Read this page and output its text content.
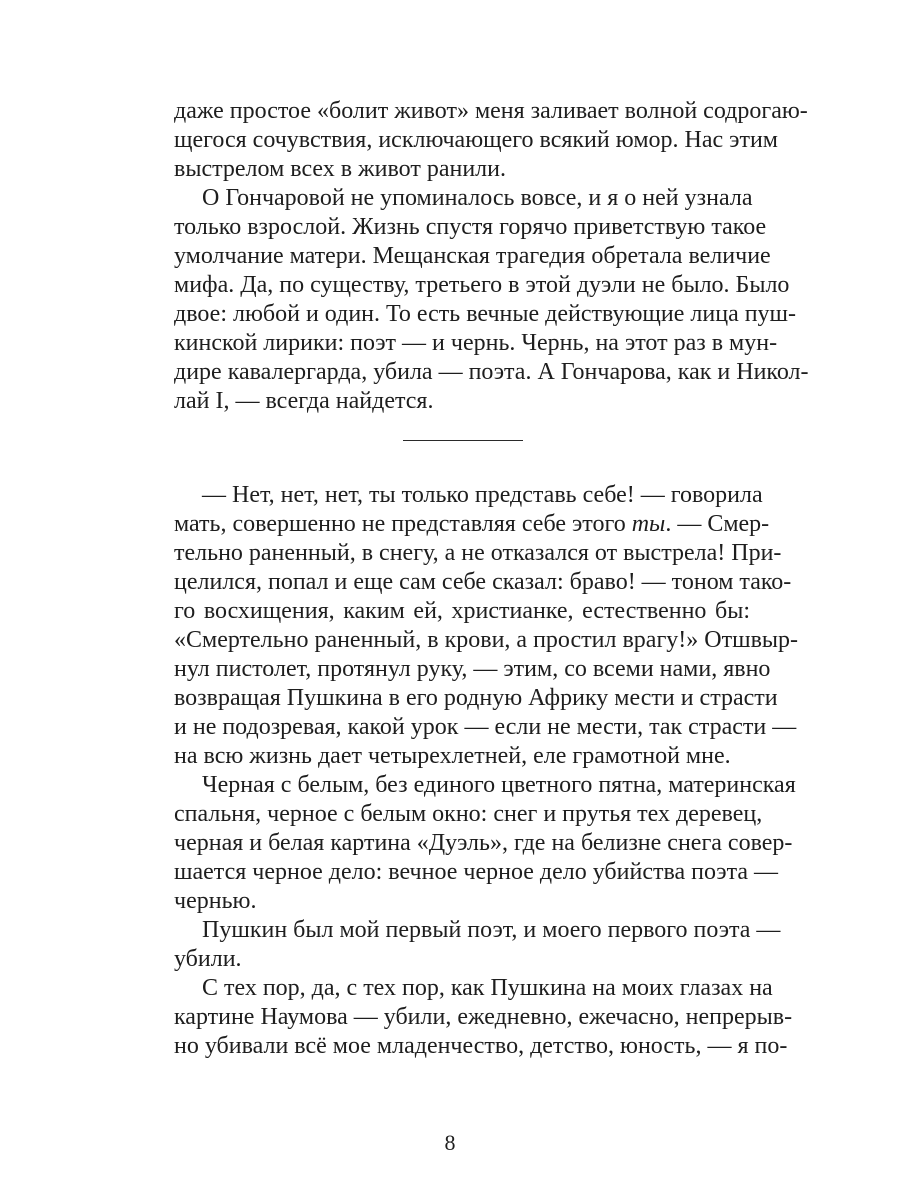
даже простое «болит живот» меня заливает волной содрогаю-
щегося сочувствия, исключающего всякий юмор. Нас этим
выстрелом всех в живот ранили.
О Гончаровой не упоминалось вовсе, и я о ней узнала
только взрослой. Жизнь спустя горячо приветствую такое
умолчание матери. Мещанская трагедия обретала величие
мифа. Да, по существу, третьего в этой дуэли не было. Было
двое: любой и один. То есть вечные действующие лица пуш-
кинской лирики: поэт — и чернь. Чернь, на этот раз в мун-
дире кавалергарда, убила — поэта. А Гончарова, как и Никол-
лай I, — всегда найдется.
— Нет, нет, нет, ты только представь себе! — говорила
мать, совершенно не представляя себе этого ты. — Смер-
тельно раненный, в снегу, а не отказался от выстрела! При-
целился, попал и еще сам себе сказал: браво! — тоном тако-
го восхищения, каким ей, христианке, естественно бы:
«Смертельно раненный, в крови, а простил врагу!» Отшвыр-
нул пистолет, протянул руку, — этим, со всеми нами, явно
возвращая Пушкина в его родную Африку мести и страсти
и не подозревая, какой урок — если не мести, так страсти —
на всю жизнь дает четырехлетней, еле грамотной мне.
Черная с белым, без единого цветного пятна, материнская
спальня, черное с белым окно: снег и прутья тех деревец,
черная и белая картина «Дуэль», где на белизне снега совер-
шается черное дело: вечное черное дело убийства поэта —
чернью.
Пушкин был мой первый поэт, и моего первого поэта —
убили.
С тех пор, да, с тех пор, как Пушкина на моих глазах на
картине Наумова — убили, ежедневно, ежечасно, непрерыв-
но убивали всё мое младенчество, детство, юность, — я по-
8
